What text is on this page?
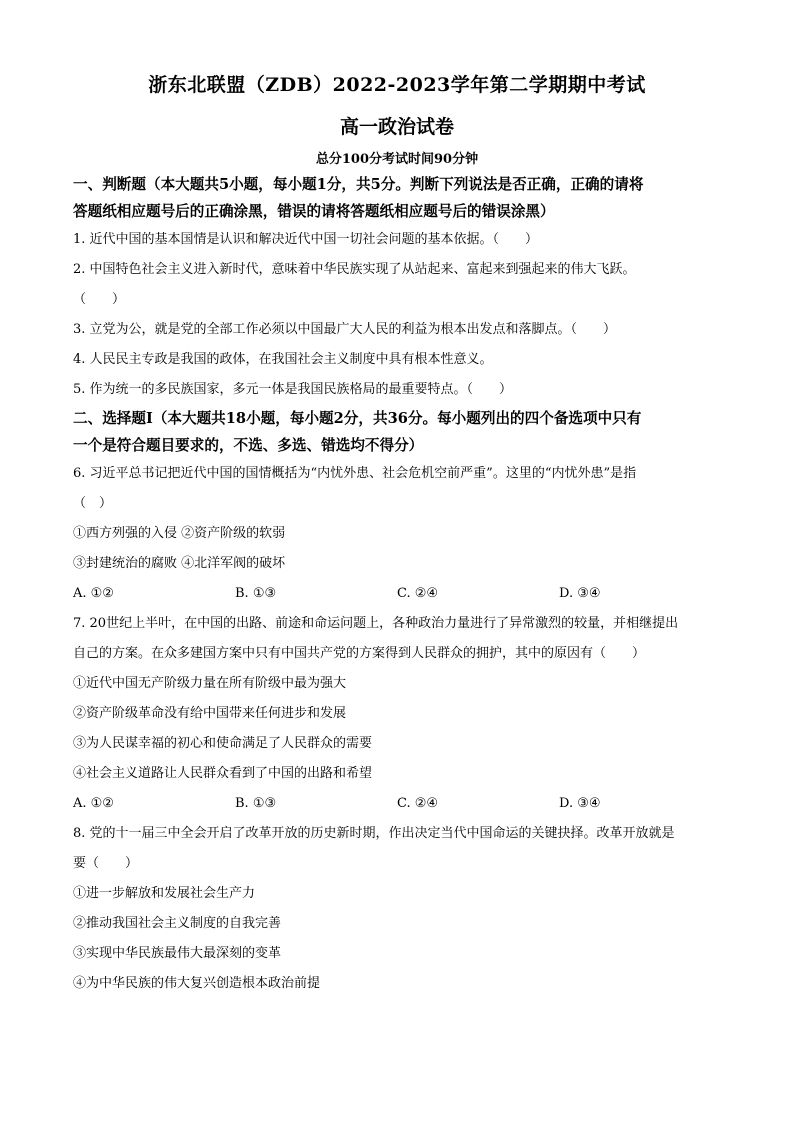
浙东北联盟（ZDB）2022-2023学年第二学期期中考试
高一政治试卷
总分100分考试时间90分钟

一、判断题（本大题共5小题，每小题1分，共5分。判断下列说法是否正确，正确的请将

答题纸相应题号后的正确涂黑，错误的请将答题纸相应题号后的错误涂黑）

1. 近代中国的基本国情是认识和解决近代中国一切社会问题的基本依据。（　　）

2. 中国特色社会主义进入新时代，意味着中华民族实现了从站起来、富起来到强起来的伟大飞跃。

（　　）

3. 立党为公，就是党的全部工作必须以中国最广大人民的利益为根本出发点和落脚点。（　　）

4. 人民民主专政是我国的政体，在我国社会主义制度中具有根本性意义。

5. 作为统一的多民族国家，多元一体是我国民族格局的最重要特点。（　　）

二、选择题Ⅰ（本大题共18小题，每小题2分，共36分。每小题列出的四个备选项中只有

一个是符合题目要求的，不选、多选、错选均不得分）

6. 习近平总书记把近代中国的国情概括为“内忧外患、社会危机空前严重”。这里的“内忧外患”是指

（　）

①西方列强的入侵 ②资产阶级的软弱

③封建统治的腐败 ④北洋军阀的破坏

A. ①②	B. ①③	C. ②④	D. ③④

7. 20世纪上半叶，在中国的出路、前途和命运问题上，各种政治力量进行了异常激烈的较量，并相继提出

自己的方案。在众多建国方案中只有中国共产党的方案得到人民群众的拥护，其中的原因有（　　）

①近代中国无产阶级力量在所有阶级中最为强大

②资产阶级革命没有给中国带来任何进步和发展

③为人民谋幸福的初心和使命满足了人民群众的需要

④社会主义道路让人民群众看到了中国的出路和希望

A. ①②	B. ①③	C. ②④	D. ③④

8. 党的十一届三中全会开启了改革开放的历史新时期，作出决定当代中国命运的关键抉择。改革开放就是

要（　　）

①进一步解放和发展社会生产力

②推动我国社会主义制度的自我完善

③实现中华民族最伟大最深刻的变革

④为中华民族的伟大复兴创造根本政治前提
